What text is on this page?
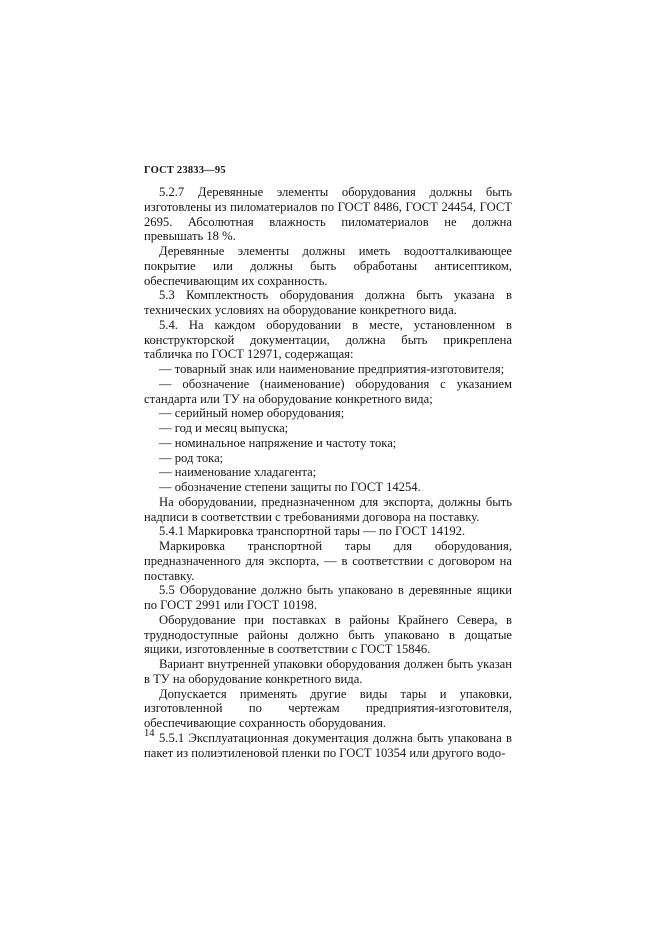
ГОСТ 23833—95

5.2.7 Деревянные элементы оборудования должны быть изготовлены из пиломатериалов по ГОСТ 8486, ГОСТ 24454, ГОСТ 2695. Абсолютная влажность пиломатериалов не должна превышать 18 %.

Деревянные элементы должны иметь водоотталкивающее покрытие или должны быть обработаны антисептиком, обеспечивающим их сохранность.

5.3 Комплектность оборудования должна быть указана в технических условиях на оборудование конкретного вида.

5.4. На каждом оборудовании в месте, установленном в конструкторской документации, должна быть прикреплена табличка по ГОСТ 12971, содержащая:

— товарный знак или наименование предприятия-изготовителя;

— обозначение (наименование) оборудования с указанием стандарта или ТУ на оборудование конкретного вида;

— серийный номер оборудования;

— год и месяц выпуска;

— номинальное напряжение и частоту тока;

— род тока;

— наименование хладагента;

— обозначение степени защиты по ГОСТ 14254.

На оборудовании, предназначенном для экспорта, должны быть надписи в соответствии с требованиями договора на поставку.

5.4.1 Маркировка транспортной тары — по ГОСТ 14192.

Маркировка транспортной тары для оборудования, предназначенного для экспорта, — в соответствии с договором на поставку.

5.5 Оборудование должно быть упаковано в деревянные ящики по ГОСТ 2991 или ГОСТ 10198.

Оборудование при поставках в районы Крайнего Севера, в труднодоступные районы должно быть упаковано в дощатые ящики, изготовленные в соответствии с ГОСТ 15846.

Вариант внутренней упаковки оборудования должен быть указан в ТУ на оборудование конкретного вида.

Допускается применять другие виды тары и упаковки, изготовленной по чертежам предприятия-изготовителя, обеспечивающие сохранность оборудования.

5.5.1 Эксплуатационная документация должна быть упакована в пакет из полиэтиленовой пленки по ГОСТ 10354 или другого водо-

14
